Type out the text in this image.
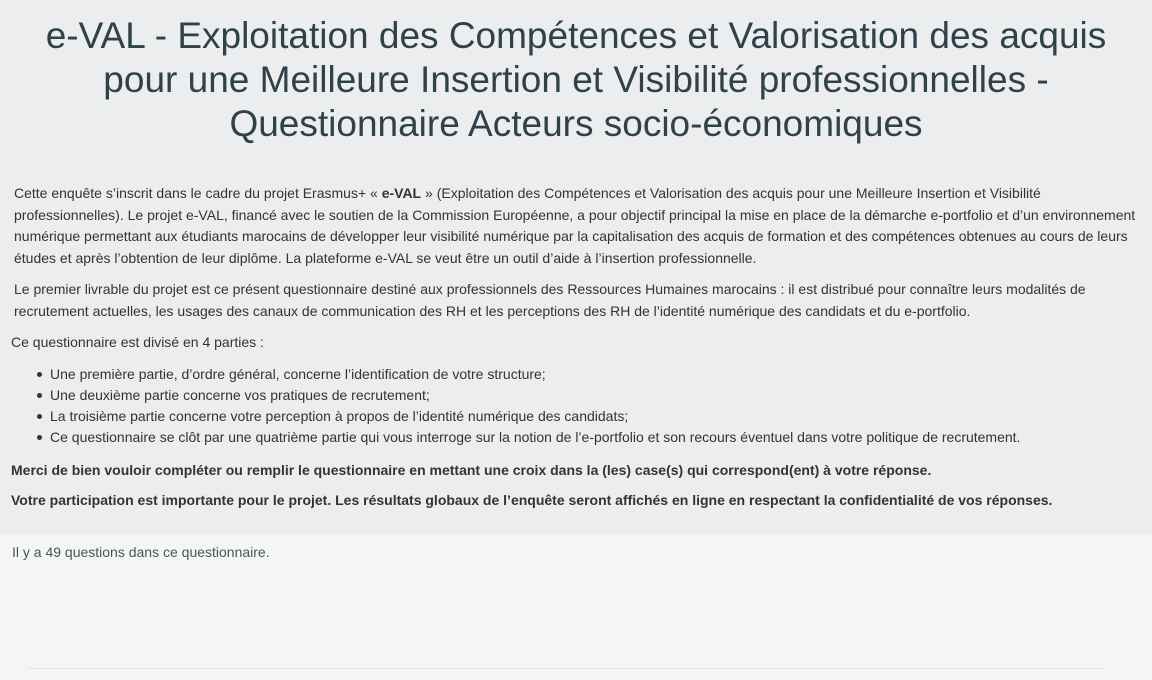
e-VAL - Exploitation des Compétences et Valorisation des acquis pour une Meilleure Insertion et Visibilité professionnelles - Questionnaire Acteurs socio-économiques

Cette enquête s’inscrit dans le cadre du projet Erasmus+ « e-VAL » (Exploitation des Compétences et Valorisation des acquis pour une Meilleure Insertion et Visibilité professionnelles). Le projet e-VAL, financé avec le soutien de la Commission Européenne, a pour objectif principal la mise en place de la démarche e-portfolio et d’un environnement numérique permettant aux étudiants marocains de développer leur visibilité numérique par la capitalisation des acquis de formation et des compétences obtenues au cours de leurs études et après l’obtention de leur diplôme. La plateforme e-VAL se veut être un outil d’aide à l’insertion professionnelle.

Le premier livrable du projet est ce présent questionnaire destiné aux professionnels des Ressources Humaines marocains : il est distribué pour connaître leurs modalités de recrutement actuelles, les usages des canaux de communication des RH et les perceptions des RH de l’identité numérique des candidats et du e-portfolio.

Ce questionnaire est divisé en 4 parties :

Une première partie, d’ordre général, concerne l’identification de votre structure;
Une deuxième partie concerne vos pratiques de recrutement;
La troisième partie concerne votre perception à propos de l’identité numérique des candidats;
Ce questionnaire se clôt par une quatrième partie qui vous interroge sur la notion de l’e-portfolio et son recours éventuel dans votre politique de recrutement.

Merci de bien vouloir compléter ou remplir le questionnaire en mettant une croix dans la (les) case(s) qui correspond(ent) à votre réponse.

Votre participation est importante pour le projet. Les résultats globaux de l’enquête seront affichés en ligne en respectant la confidentialité de vos réponses.

Il y a 49 questions dans ce questionnaire.
